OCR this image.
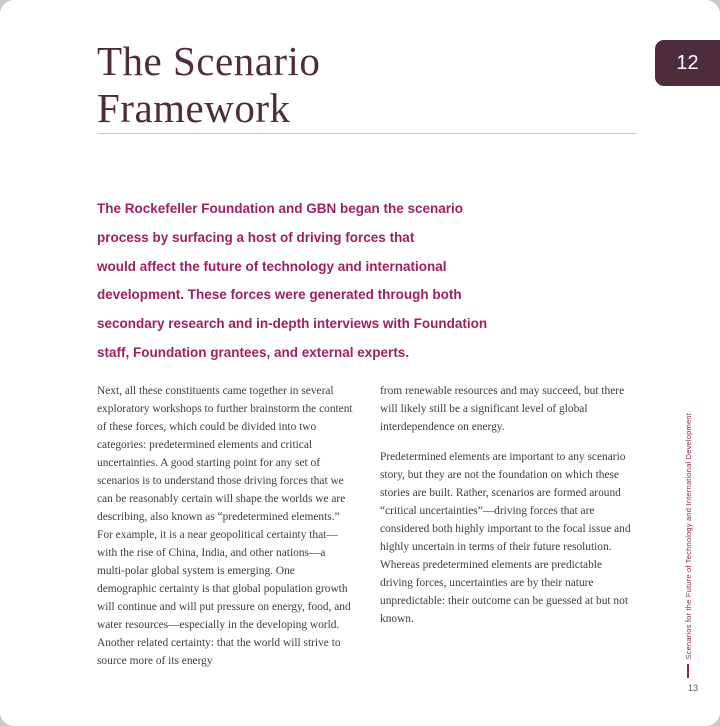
12
The Scenario
Framework
The Rockefeller Foundation and GBN began the scenario
process by surfacing a host of driving forces that
would affect the future of technology and international
development. These forces were generated through both
secondary research and in-depth interviews with Foundation
staff, Foundation grantees, and external experts.

Next, all these constituents came together in several exploratory workshops to further brainstorm the content of these forces, which could be divided into two categories: predetermined elements and critical uncertainties. A good starting point for any set of scenarios is to understand those driving forces that we can be reasonably certain will shape the worlds we are describing, also known as “predetermined elements.” For example, it is a near geopolitical certainty that—with the rise of China, India, and other nations—a multi-polar global system is emerging. One demographic certainty is that global population growth will continue and will put pressure on energy, food, and water resources—especially in the developing world. Another related certainty: that the world will strive to source more of its energy

from renewable resources and may succeed, but there will likely still be a significant level of global interdependence on energy.

Predetermined elements are important to any scenario story, but they are not the foundation on which these stories are built. Rather, scenarios are formed around “critical uncertainties”—driving forces that are considered both highly important to the focal issue and highly uncertain in terms of their future resolution. Whereas predetermined elements are predictable driving forces, uncertainties are by their nature unpredictable: their outcome can be guessed at but not known.	Scenarios for the Future of Technology and International Development
13
